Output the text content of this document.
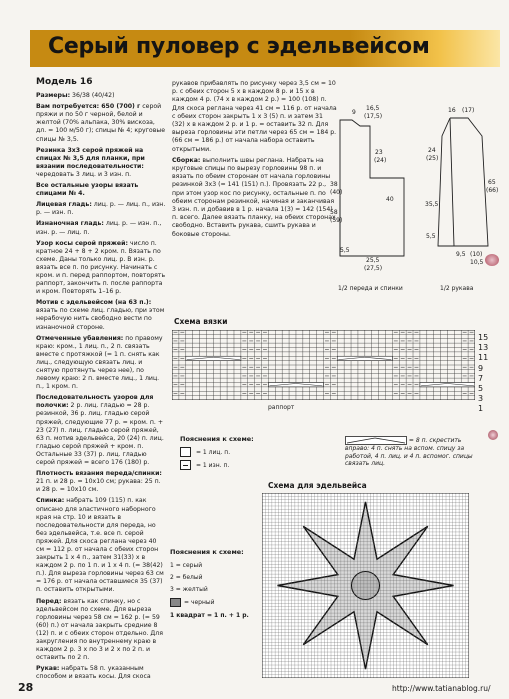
Серый пуловер с эдельвейсом
Модель 16

Размеры: 36/38 (40/42)

Вам потребуется: 650 (700) г серой пряжи и по 50 г черной, белой и желтой (70% альпака, 30% вискоза, дл. = 100 м/50 г); спицы № 4; круговые спицы № 3,5.

Резинка 3х3 серой пряжей на спицах № 3,5 для планки, при вязании последовательности: чередовать 3 лиц. и 3 изн. п.

Все остальные узоры вязать спицами № 4.

Лицевая гладь: лиц. р. — лиц. п., изн. р. — изн. п.

Изнаночная гладь: лиц. р. — изн. п., изн. р. — лиц. п.

Узор косы серой пряжей: число п. кратное 24 + 8 + 2 кром. п. Вязать по схеме. Даны только лиц. р. В изн. р. вязать все п. по рисунку. Начинать с кром. и п. перед раппортом, повторять раппорт, закончить п. после раппорта и кром. Повторять 1–16 р.

Мотив с эдельвейсом (на 63 п.): вязать по схеме лиц. гладью, при этом нерабочую нить свободно вести по изнаночной стороне.

Отмеченные убавления: по правому краю: кром., 1 лиц. п., 2 п. связать вместе с протяжкой (= 1 п. снять как лиц., следующую связать лиц. и снятую протянуть через нее), по левому краю: 2 п. вместе лиц., 1 лиц. п., 1 кром. п.

Последовательность узоров для полочки: 2 р. лиц. гладью = 28 р. резинкой, 36 р. лиц. гладью серой пряжей, следующие 77 р. = кром. п. + 23 (27) п. лиц. гладью серой пряжей, 63 п. мотив эдельвейса, 20 (24) п. лиц. гладью серой пряжей + кром. п. Остальные 33 (37) р. лиц. гладью серой пряжей = всего 176 (180) р.

Плотность вязания переда/спинки: 21 п. и 28 р. = 10х10 см; рукава: 25 п. и 28 р. = 10х10 см.

Спинка: набрать 109 (115) п. как описано для эластичного наборного края на стр. 10 и вязать в последовательности для переда, но без эдельвейса, т.е. все п. серой пряжей. Для скоса реглана через 40 см = 112 р. от начала с обеих сторон закрыть 1 х 4 п., затем 31(33) х в каждом 2 р. по 1 п. и 1 х 4 п. (= 38(42) п.). Для выреза горловины через 63 см = 176 р. от начала оставшиеся 35 (37) п. оставить открытыми.

Перед: вязать как спинку, но с эдельвейсом по схеме. Для выреза горловины через 58 см = 162 р. (= 59 (60) п.) от начала закрыть средние 8 (12) п. и с обеих сторон отдельно. Для закругления по внутреннему краю в каждом 2 р. 3 х по 3 и 2 х по 2 п. и оставить по 2 п.

Рукав: набрать 58 п. указанным способом и вязать косы. Для скоса

рукавов прибавлять по рисунку через 3,5 см = 10 р. с обеих сторон 5 х в каждом 8 р. и 15 х в каждом 4 р. (74 х в каждом 2 р.) = 100 (108) п. Для скоса реглана через 41 см = 116 р. от начала с обеих сторон закрыть 1 х 3 (5) п. и затем 31 (32) х в каждом 2 р. и 1 р. = оставить 32 п. Для выреза горловины эти петли через 65 см = 184 р. (66 см = 186 р.) от начала набора оставить открытыми.

Сборка: выполнить швы реглана. Набрать на круговые спицы по вырезу горловины 98 п. и вязать по обеим сторонам от начала горловины резинкой 3х3 (= 141 (151) п.). Провязать 22 р., при этом узор кос по рисунку, остальные п. по обеим сторонам резинкой, начиная и заканчивая 3 изн. п. и добавив в 1 р. начала 1(3) = 142 (154) п. всего. Далее вязать планку, на обеих сторонах свободно. Вставить рукава, сшить рукава и боковые стороны.

9
16,5
(17,5)
23
(24)
38
(40)
40
58
(59)
25,5
(27,5)
5,5
16 (17)
24
(25)
35,5
65
(66)
9,5 (10)
5,5
10,5
1/2 переда и спинки	1/2 рукава
Схема вязки
15
13
11
9
7
5
3
1
раппорт
Пояснения к схеме:
= 1 лиц. п.
= 1 изн. п.
= 8 п. скрестить вправо: 4 п. снять на вспом. спицу за работой, 4 п. лиц. и 4 п. вспомог. спицы связать лиц.
Схема для эдельвейса
Пояснения к схеме:
1 = серый
2 = белый
3 = желтый
= черный
1 квадрат = 1 п. + 1 р.
28	http://www.tatianablog.ru/
